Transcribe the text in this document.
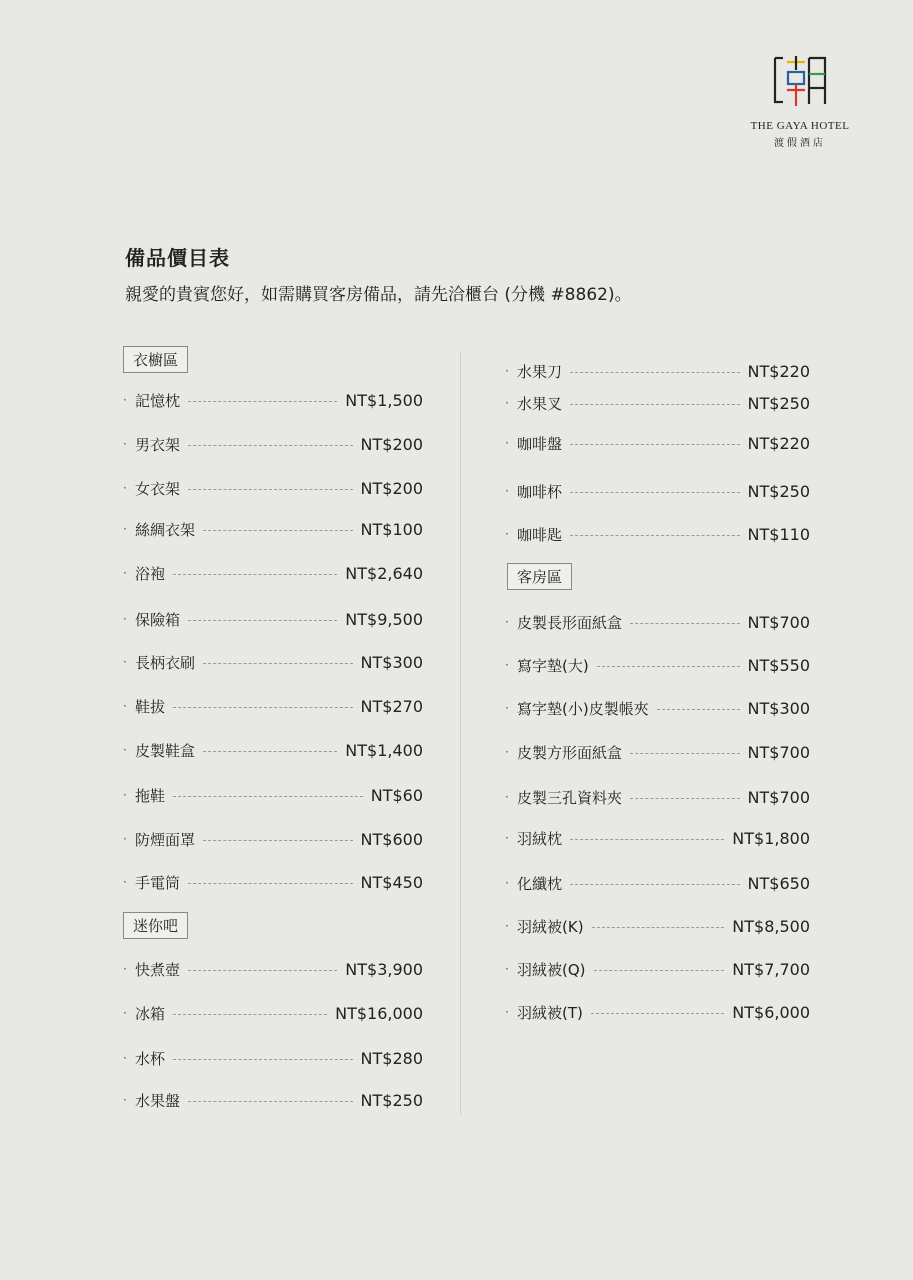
THE GAYA HOTEL
渡假酒店
備品價目表
親愛的貴賓您好，如需購買客房備品，請先洽櫃台 (分機 #8862)。
衣櫥區
· 記憶枕	NT$1,500
· 男衣架	NT$200
· 女衣架	NT$200
· 絲綢衣架	NT$100
· 浴袍	NT$2,640
· 保險箱	NT$9,500
· 長柄衣刷	NT$300
· 鞋拔	NT$270
· 皮製鞋盒	NT$1,400
· 拖鞋	NT$60
· 防煙面罩	NT$600
· 手電筒	NT$450
迷你吧
· 快煮壺	NT$3,900
· 冰箱	NT$16,000
· 水杯	NT$280
· 水果盤	NT$250
· 水果刀	NT$220
· 水果叉	NT$250
· 咖啡盤	NT$220
· 咖啡杯	NT$250
· 咖啡匙	NT$110
客房區
· 皮製長形面紙盒	NT$700
· 寫字墊(大)	NT$550
· 寫字墊(小)皮製帳夾	NT$300
· 皮製方形面紙盒	NT$700
· 皮製三孔資料夾	NT$700
· 羽絨枕	NT$1,800
· 化纖枕	NT$650
· 羽絨被(K)	NT$8,500
· 羽絨被(Q)	NT$7,700
· 羽絨被(T)	NT$6,000
